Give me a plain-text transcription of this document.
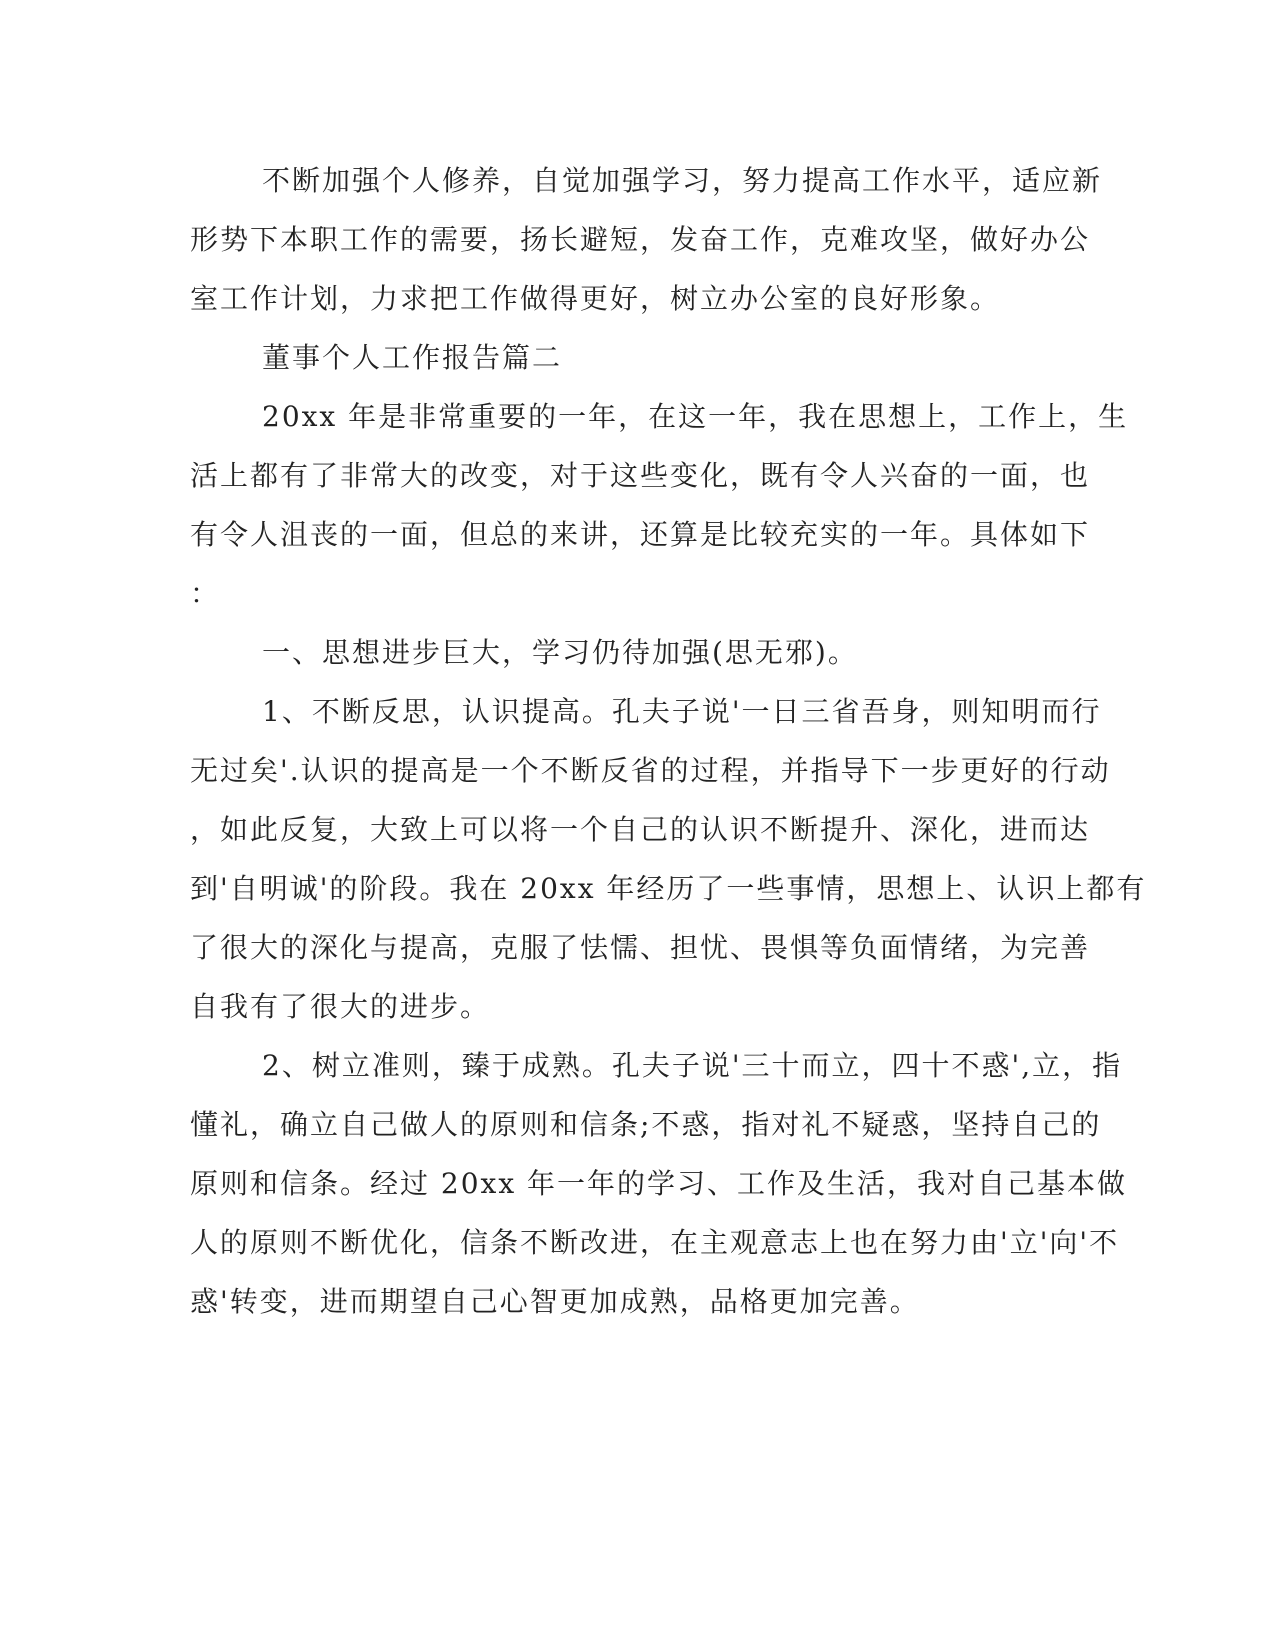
不断加强个人修养，自觉加强学习，努力提高工作水平，适应新
形势下本职工作的需要，扬长避短，发奋工作，克难攻坚，做好办公
室工作计划，力求把工作做得更好，树立办公室的良好形象。
董事个人工作报告篇二
20xx 年是非常重要的一年，在这一年，我在思想上，工作上，生
活上都有了非常大的改变，对于这些变化，既有令人兴奋的一面，也
有令人沮丧的一面，但总的来讲，还算是比较充实的一年。具体如下
：
一、思想进步巨大，学习仍待加强(思无邪)。
1、不断反思，认识提高。孔夫子说'一日三省吾身，则知明而行
无过矣'.认识的提高是一个不断反省的过程，并指导下一步更好的行动
，如此反复，大致上可以将一个自己的认识不断提升、深化，进而达
到'自明诚'的阶段。我在 20xx 年经历了一些事情，思想上、认识上都有
了很大的深化与提高，克服了怯懦、担忧、畏惧等负面情绪，为完善
自我有了很大的进步。
2、树立准则，臻于成熟。孔夫子说'三十而立，四十不惑',立，指
懂礼，确立自己做人的原则和信条;不惑，指对礼不疑惑，坚持自己的
原则和信条。经过 20xx 年一年的学习、工作及生活，我对自己基本做
人的原则不断优化，信条不断改进，在主观意志上也在努力由'立'向'不
惑'转变，进而期望自己心智更加成熟，品格更加完善。
